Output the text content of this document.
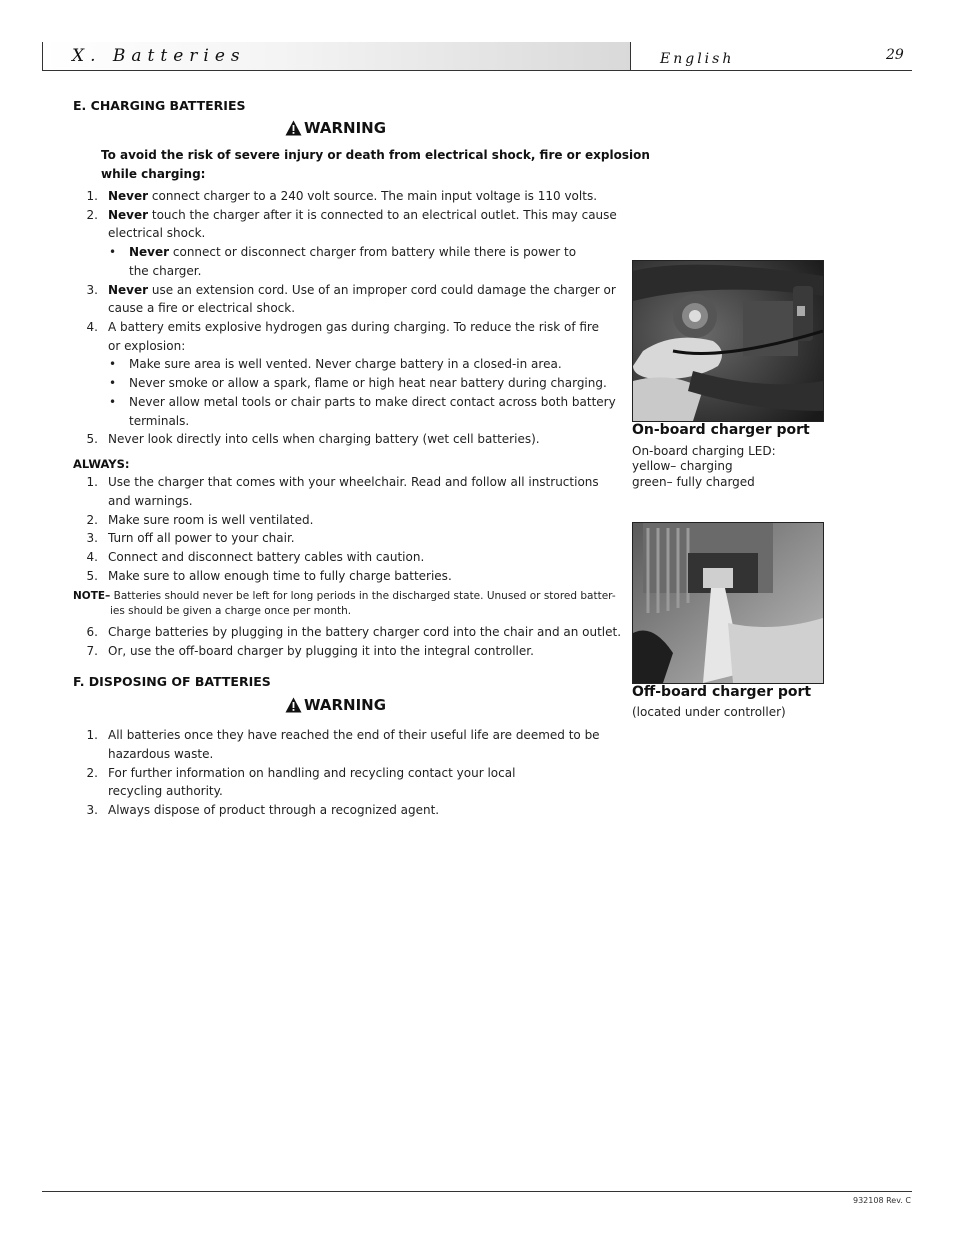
X. Batteries	English	29
E. CHARGING BATTERIES
WARNING
To avoid the risk of severe injury or death from electrical shock, fire or explosion
while charging:
1. Never connect charger to a 240 volt source. The main input voltage is 110 volts.
2. Never touch the charger after it is connected to an electrical outlet. This may cause
electrical shock.
• Never connect or disconnect charger from battery while there is power to
the charger.
3. Never use an extension cord. Use of an improper cord could damage the charger or
cause a fire or electrical shock.
4. A battery emits explosive hydrogen gas during charging. To reduce the risk of fire
or explosion:
• Make sure area is well vented. Never charge battery in a closed-in area.
• Never smoke or allow a spark, flame or high heat near battery during charging.
• Never allow metal tools or chair parts to make direct contact across both battery
terminals.
5. Never look directly into cells when charging battery (wet cell batteries).
ALWAYS:
1. Use the charger that comes with your wheelchair. Read and follow all instructions
and warnings.
2. Make sure room is well ventilated.
3. Turn off all power to your chair.
4. Connect and disconnect battery cables with caution.
5. Make sure to allow enough time to fully charge batteries.
NOTE– Batteries should never be left for long periods in the discharged state. Unused or stored batter-
ies should be given a charge once per month.
6. Charge batteries by plugging in the battery charger cord into the chair and an outlet.
7. Or, use the off-board charger by plugging it into the integral controller.
F. DISPOSING OF BATTERIES
WARNING
1. All batteries once they have reached the end of their useful life are deemed to be
hazardous waste.
2. For further information on handling and recycling contact your local
recycling authority.
3. Always dispose of product through a recognized agent.
On-board charger port
On-board charging LED:
yellow– charging
green– fully charged
Off-board charger port
(located under controller)
932108 Rev. C
